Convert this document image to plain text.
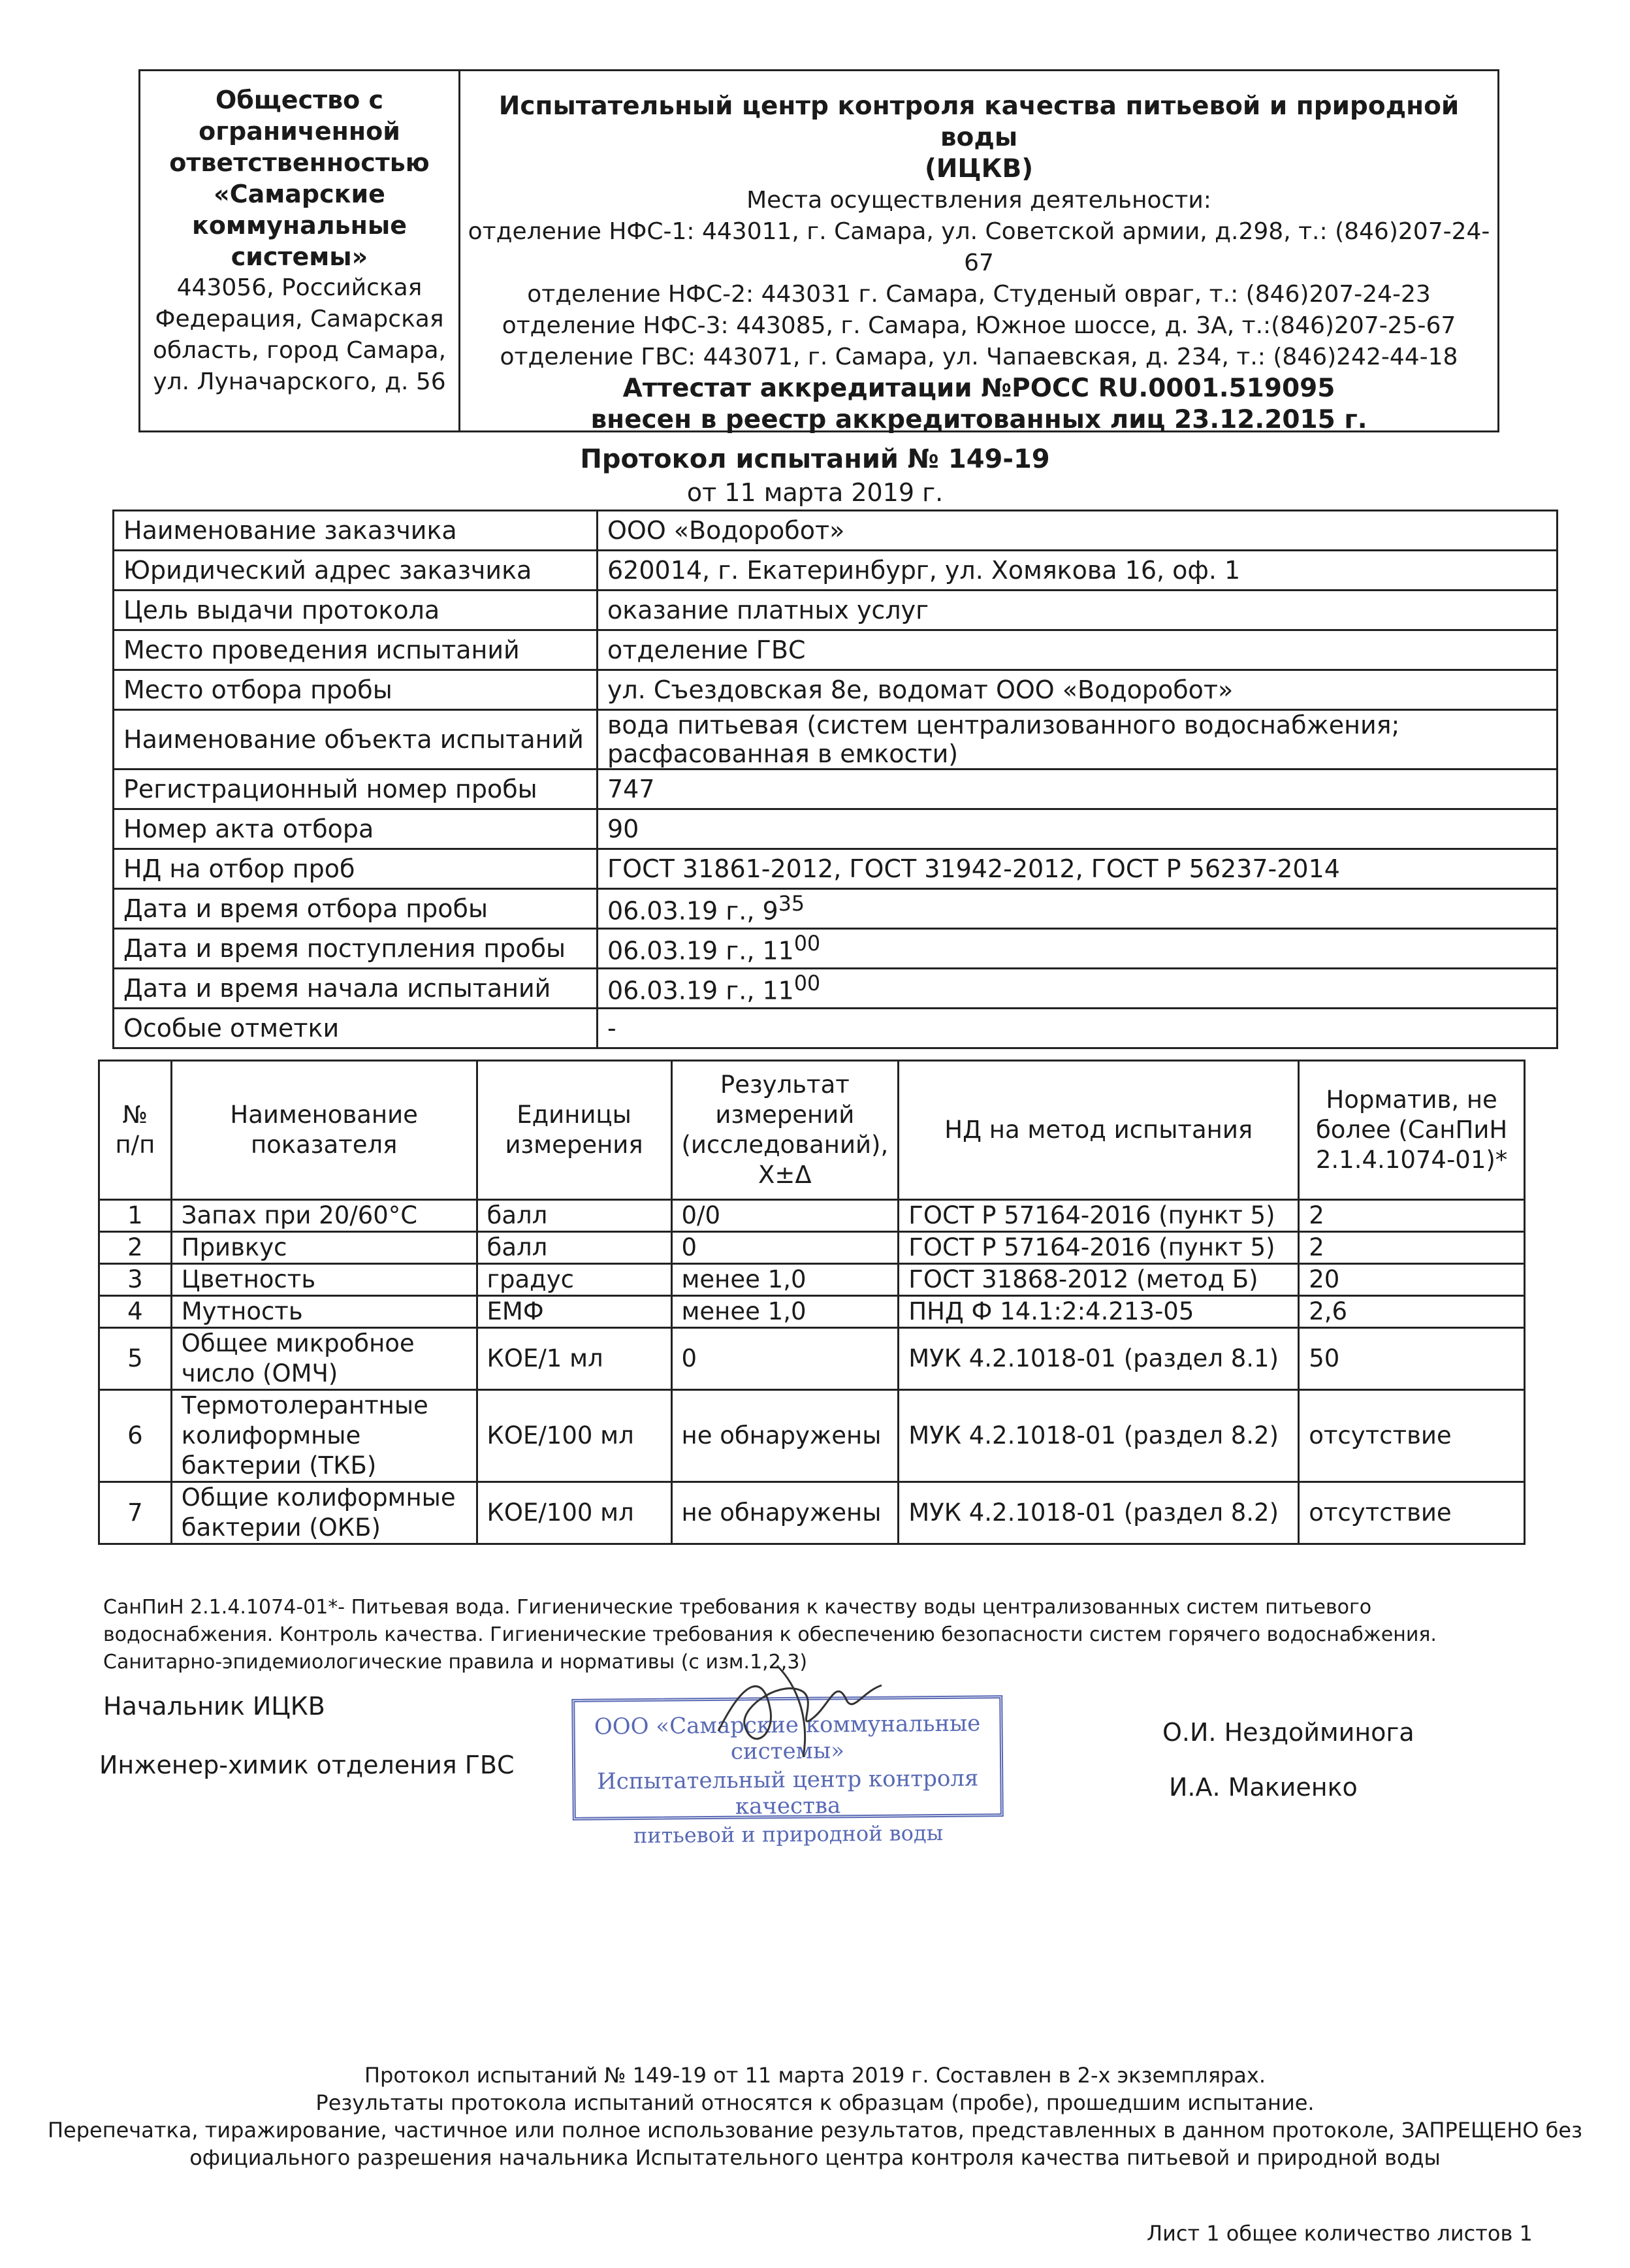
Общество с
ограниченной
ответственностью
«Самарские
коммунальные
системы»
443056, Российская
Федерация, Самарская
область, город Самара,
ул. Луначарского, д. 56
Испытательный центр контроля качества питьевой и природной воды
(ИЦКВ)
Места осуществления деятельности:
отделение НФС-1: 443011, г. Самара, ул. Советской армии, д.298, т.: (846)207-24-67
отделение НФС-2: 443031 г. Самара, Студеный овраг, т.: (846)207-24-23
отделение НФС-3: 443085, г. Самара, Южное шоссе, д. 3А, т.:(846)207-25-67
отделение ГВС: 443071, г. Самара, ул. Чапаевская, д. 234, т.: (846)242-44-18
Аттестат аккредитации №РОСС RU.0001.519095
внесен в реестр аккредитованных лиц 23.12.2015 г.
Протокол испытаний № 149-19
от 11 марта 2019 г.
Наименование заказчика	ООО «Водоробот»
Юридический адрес заказчика	620014, г. Екатеринбург, ул. Хомякова 16, оф. 1
Цель выдачи протокола	оказание платных услуг
Место проведения испытаний	отделение ГВС
Место отбора пробы	ул. Съездовская 8е, водомат ООО «Водоробот»
Наименование объекта испытаний	вода питьевая (систем централизованного водоснабжения; расфасованная в емкости)
Регистрационный номер пробы	747
Номер акта отбора	90
НД на отбор проб	ГОСТ 31861-2012, ГОСТ 31942-2012, ГОСТ Р 56237-2014
Дата и время отбора пробы	06.03.19 г., $9^{35}$
Дата и время поступления пробы	06.03.19 г., $11^{00}$
Дата и время начала испытаний	06.03.19 г., $11^{00}$
Особые отметки	-
№ п/п	Наименование показателя	Единицы измерения	Результат измерений (исследований), X±Δ	НД на метод испытания	Норматив, не более (СанПиН 2.1.4.1074-01)*
1	Запах при 20/60°С	балл	0/0	ГОСТ Р 57164-2016 (пункт 5)	2
2	Привкус	балл	0	ГОСТ Р 57164-2016 (пункт 5)	2
3	Цветность	градус	менее 1,0	ГОСТ 31868-2012 (метод Б)	20
4	Мутность	ЕМФ	менее 1,0	ПНД Ф 14.1:2:4.213-05	2,6
5	Общее микробное число (ОМЧ)	КОЕ/1 мл	0	МУК 4.2.1018-01 (раздел 8.1)	50
6	Термотолерантные колиформные бактерии (ТКБ)	КОЕ/100 мл	не обнаружены	МУК 4.2.1018-01 (раздел 8.2)	отсутствие
7	Общие колиформные бактерии (ОКБ)	КОЕ/100 мл	не обнаружены	МУК 4.2.1018-01 (раздел 8.2)	отсутствие
СанПиН 2.1.4.1074-01*- Питьевая вода. Гигиенические требования к качеству воды централизованных систем питьевого водоснабжения. Контроль качества. Гигиенические требования к обеспечению безопасности систем горячего водоснабжения. Санитарно-эпидемиологические правила и нормативы (с изм.1,2,3)
Начальник ИЦКВ
Инженер-химик отделения ГВС
О.И. Нездойминога
И.А. Макиенко
ООО «Самарские коммунальные системы»
Испытательный центр контроля качества
питьевой и природной воды
Протокол испытаний № 149-19 от 11 марта 2019 г. Составлен в 2-х экземплярах.
Результаты протокола испытаний относятся к образцам (пробе), прошедшим испытание.
Перепечатка, тиражирование, частичное или полное использование результатов, представленных в данном протоколе, ЗАПРЕЩЕНО без
официального разрешения начальника Испытательного центра контроля качества питьевой и природной воды
Лист 1 общее количество листов 1
